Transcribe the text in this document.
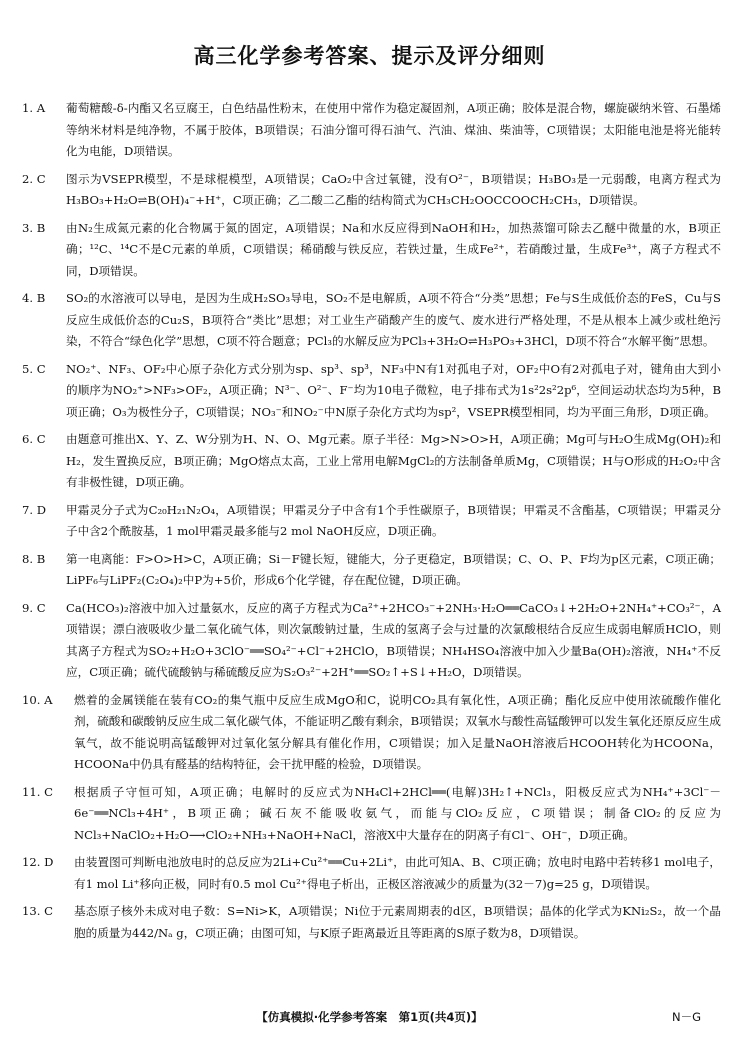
高三化学参考答案、提示及评分细则
1. A	葡萄糖酸-δ-内酯又名豆腐王，白色结晶性粉末，在使用中常作为稳定凝固剂，A项正确；胶体是混合物，螺旋碳纳米管、石墨烯等纳米材料是纯净物，不属于胶体，B项错误；石油分馏可得石油气、汽油、煤油、柴油等，C项错误；太阳能电池是将光能转化为电能，D项错误。
2. C	图示为VSEPR模型，不是球棍模型，A项错误；CaO₂中含过氧键，没有O²⁻，B项错误；H₃BO₃是一元弱酸，电离方程式为H₃BO₃+H₂O⇌B(OH)₄⁻+H⁺，C项正确；乙二酸二乙酯的结构简式为CH₃CH₂OOCCOOCH₂CH₃，D项错误。
3. B	由N₂生成氮元素的化合物属于氮的固定，A项错误；Na和水反应得到NaOH和H₂，加热蒸馏可除去乙醚中微量的水，B项正确；¹²C、¹⁴C不是C元素的单质，C项错误；稀硝酸与铁反应，若铁过量，生成Fe²⁺，若硝酸过量，生成Fe³⁺，离子方程式不同，D项错误。
4. B	SO₂的水溶液可以导电，是因为生成H₂SO₃导电，SO₂不是电解质，A项不符合“分类”思想；Fe与S生成低价态的FeS，Cu与S反应生成低价态的Cu₂S，B项符合“类比”思想；对工业生产硝酸产生的废气、废水进行严格处理，不是从根本上减少或杜绝污染，不符合“绿色化学”思想，C项不符合题意；PCl₃的水解反应为PCl₃+3H₂O⇌H₃PO₃+3HCl，D项不符合“水解平衡”思想。
5. C	NO₂⁺、NF₃、OF₂中心原子杂化方式分别为sp、sp³、sp³，NF₃中N有1对孤电子对，OF₂中O有2对孤电子对，键角由大到小的顺序为NO₂⁺>NF₃>OF₂，A项正确；N³⁻、O²⁻、F⁻均为10电子微粒，电子排布式为1s²2s²2p⁶，空间运动状态均为5种，B项正确；O₃为极性分子，C项错误；NO₃⁻和NO₂⁻中N原子杂化方式均为sp²，VSEPR模型相同，均为平面三角形，D项正确。
6. C	由题意可推出X、Y、Z、W分别为H、N、O、Mg元素。原子半径：Mg>N>O>H，A项正确；Mg可与H₂O生成Mg(OH)₂和H₂，发生置换反应，B项正确；MgO熔点太高，工业上常用电解MgCl₂的方法制备单质Mg，C项错误；H与O形成的H₂O₂中含有非极性键，D项正确。
7. D	甲霜灵分子式为C₂₀H₂₁N₂O₄，A项错误；甲霜灵分子中含有1个手性碳原子，B项错误；甲霜灵不含酯基，C项错误；甲霜灵分子中含2个酰胺基，1 mol甲霜灵最多能与2 mol NaOH反应，D项正确。
8. B	第一电离能：F>O>H>C，A项正确；Si－F键长短，键能大，分子更稳定，B项错误；C、O、P、F均为p区元素，C项正确；LiPF₆与LiPF₂(C₂O₄)₂中P为+5价，形成6个化学键，存在配位键，D项正确。
9. C	Ca(HCO₃)₂溶液中加入过量氨水，反应的离子方程式为Ca²⁺+2HCO₃⁻+2NH₃·H₂O══CaCO₃↓+2H₂O+2NH₄⁺+CO₃²⁻，A项错误；漂白液吸收少量二氧化硫气体，则次氯酸钠过量，生成的氢离子会与过量的次氯酸根结合反应生成弱电解质HClO，则其离子方程式为SO₂+H₂O+3ClO⁻══SO₄²⁻+Cl⁻+2HClO，B项错误；NH₄HSO₄溶液中加入少量Ba(OH)₂溶液，NH₄⁺不反应，C项正确；硫代硫酸钠与稀硫酸反应为S₂O₃²⁻+2H⁺══SO₂↑+S↓+H₂O，D项错误。
10. A	燃着的金属镁能在装有CO₂的集气瓶中反应生成MgO和C，说明CO₂具有氧化性，A项正确；酯化反应中使用浓硫酸作催化剂，硫酸和碳酸钠反应生成二氧化碳气体，不能证明乙酸有剩余，B项错误；双氧水与酸性高锰酸钾可以发生氧化还原反应生成氧气，故不能说明高锰酸钾对过氧化氢分解具有催化作用，C项错误；加入足量NaOH溶液后HCOOH转化为HCOONa，HCOONa中仍具有醛基的结构特征，会干扰甲醛的检验，D项错误。
11. C	根据质子守恒可知，A项正确；电解时的反应式为NH₄Cl+2HCl══(电解)3H₂↑+NCl₃，阳极反应式为NH₄⁺+3Cl⁻－6e⁻══NCl₃+4H⁺，B项正确；碱石灰不能吸收氨气，而能与ClO₂反应，C项错误；制备ClO₂的反应为NCl₃+NaClO₂+H₂O⟶ClO₂+NH₃+NaOH+NaCl，溶液X中大量存在的阴离子有Cl⁻、OH⁻，D项正确。
12. D	由装置图可判断电池放电时的总反应为2Li+Cu²⁺══Cu+2Li⁺，由此可知A、B、C项正确；放电时电路中若转移1 mol电子，有1 mol Li⁺移向正极，同时有0.5 mol Cu²⁺得电子析出，正极区溶液减少的质量为(32－7)g=25 g，D项错误。
13. C	基态原子核外未成对电子数：S=Ni>K，A项错误；Ni位于元素周期表的d区，B项错误；晶体的化学式为KNi₂S₂，故一个晶胞的质量为442/Nₐ g，C项正确；由图可知，与K原子距离最近且等距离的S原子数为8，D项错误。
【仿真模拟·化学参考答案　第1页(共4页)】	N－G
